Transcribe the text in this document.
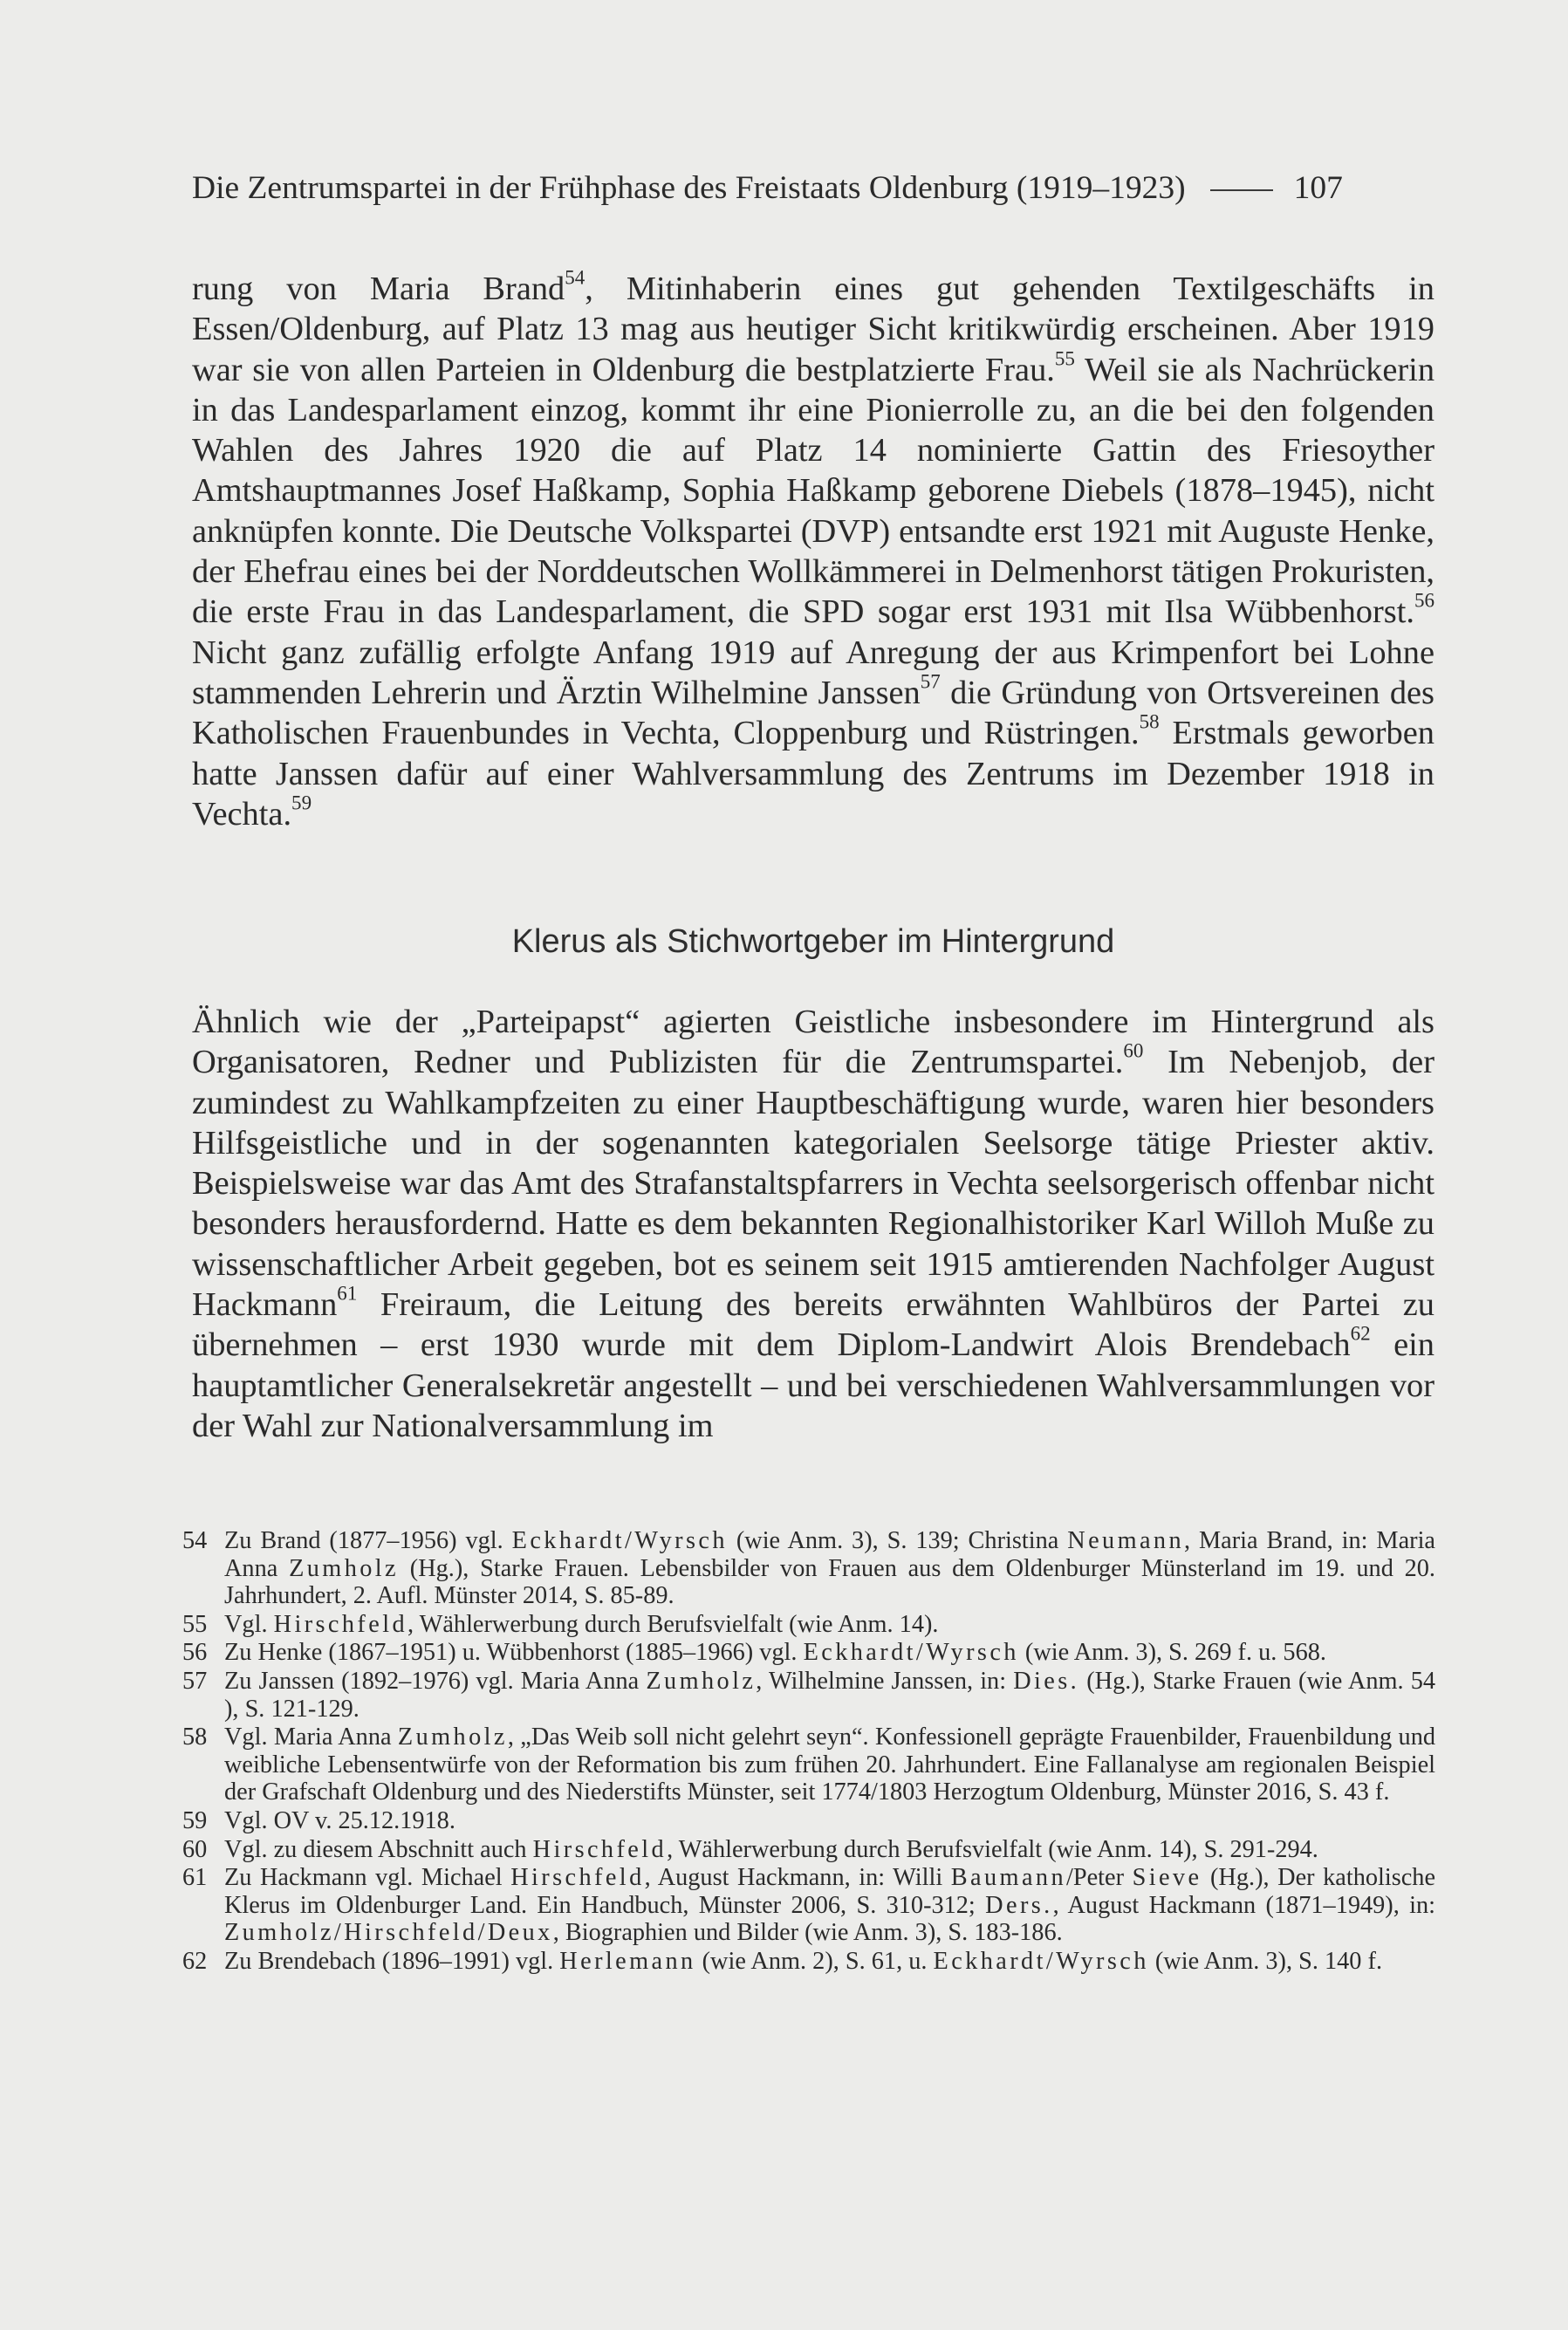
Die Zentrumspartei in der Frühphase des Freistaats Oldenburg (1919–1923)	107

rung von Maria Brand$^{54}$, Mitinhaberin eines gut gehenden Textilgeschäfts in Essen/Oldenburg, auf Platz 13 mag aus heutiger Sicht kritikwürdig erscheinen. Aber 1919 war sie von allen Parteien in Oldenburg die bestplatzierte Frau.$^{55}$ Weil sie als Nachrückerin in das Landesparlament einzog, kommt ihr eine Pionierrolle zu, an die bei den folgenden Wahlen des Jahres 1920 die auf Platz 14 nominierte Gattin des Friesoyther Amtshauptmannes Josef Haßkamp, Sophia Haßkamp geborene Diebels (1878–1945), nicht anknüpfen konnte. Die Deutsche Volkspartei (DVP) entsandte erst 1921 mit Auguste Henke, der Ehefrau eines bei der Norddeutschen Wollkämmerei in Delmenhorst tätigen Prokuristen, die erste Frau in das Landesparlament, die SPD sogar erst 1931 mit Ilsa Wübbenhorst.$^{56}$ Nicht ganz zufällig erfolgte Anfang 1919 auf Anregung der aus Krimpenfort bei Lohne stammenden Lehrerin und Ärztin Wilhelmine Janssen$^{57}$ die Gründung von Ortsvereinen des Katholischen Frauenbundes in Vechta, Cloppenburg und Rüstringen.$^{58}$ Erstmals geworben hatte Janssen dafür auf einer Wahlversammlung des Zentrums im Dezember 1918 in Vechta.$^{59}$

Klerus als Stichwortgeber im Hintergrund

Ähnlich wie der „Parteipapst“ agierten Geistliche insbesondere im Hintergrund als Organisatoren, Redner und Publizisten für die Zentrumspartei.$^{60}$ Im Nebenjob, der zumindest zu Wahlkampfzeiten zu einer Hauptbeschäftigung wurde, waren hier besonders Hilfsgeistliche und in der sogenannten kategorialen Seelsorge tätige Priester aktiv. Beispielsweise war das Amt des Strafanstaltspfarrers in Vechta seelsorgerisch offenbar nicht besonders herausfordernd. Hatte es dem bekannten Regionalhistoriker Karl Willoh Muße zu wissenschaftlicher Arbeit gegeben, bot es seinem seit 1915 amtierenden Nachfolger August Hackmann$^{61}$ Freiraum, die Leitung des bereits erwähnten Wahlbüros der Partei zu übernehmen – erst 1930 wurde mit dem Diplom-Landwirt Alois Brendebach$^{62}$ ein hauptamtlicher Generalsekretär angestellt – und bei verschiedenen Wahlversammlungen vor der Wahl zur Nationalversammlung im

54 Zu Brand (1877–1956) vgl. Eckhardt/Wyrsch (wie Anm. 3), S. 139; Christina Neumann, Maria Brand, in: Maria Anna Zumholz (Hg.), Starke Frauen. Lebensbilder von Frauen aus dem Oldenburger Münsterland im 19. und 20. Jahrhundert, 2. Aufl. Münster 2014, S. 85-89.
55 Vgl. Hirschfeld, Wählerwerbung durch Berufsvielfalt (wie Anm. 14).
56 Zu Henke (1867–1951) u. Wübbenhorst (1885–1966) vgl. Eckhardt/Wyrsch (wie Anm. 3), S. 269 f. u. 568.
57 Zu Janssen (1892–1976) vgl. Maria Anna Zumholz, Wilhelmine Janssen, in: Dies. (Hg.), Starke Frauen (wie Anm. 54 ), S. 121-129.
58 Vgl. Maria Anna Zumholz, „Das Weib soll nicht gelehrt seyn“. Konfessionell geprägte Frauenbilder, Frauenbildung und weibliche Lebensentwürfe von der Reformation bis zum frühen 20. Jahrhundert. Eine Fallanalyse am regionalen Beispiel der Grafschaft Oldenburg und des Niederstifts Münster, seit 1774/1803 Herzogtum Oldenburg, Münster 2016, S. 43 f.
59 Vgl. OV v. 25.12.1918.
60 Vgl. zu diesem Abschnitt auch Hirschfeld, Wählerwerbung durch Berufsvielfalt (wie Anm. 14), S. 291-294.
61 Zu Hackmann vgl. Michael Hirschfeld, August Hackmann, in: Willi Baumann/Peter Sieve (Hg.), Der katholische Klerus im Oldenburger Land. Ein Handbuch, Münster 2006, S. 310-312; Ders., August Hackmann (1871–1949), in: Zumholz/Hirschfeld/Deux, Biographien und Bilder (wie Anm. 3), S. 183-186.
62 Zu Brendebach (1896–1991) vgl. Herlemann (wie Anm. 2), S. 61, u. Eckhardt/Wyrsch (wie Anm. 3), S. 140 f.
